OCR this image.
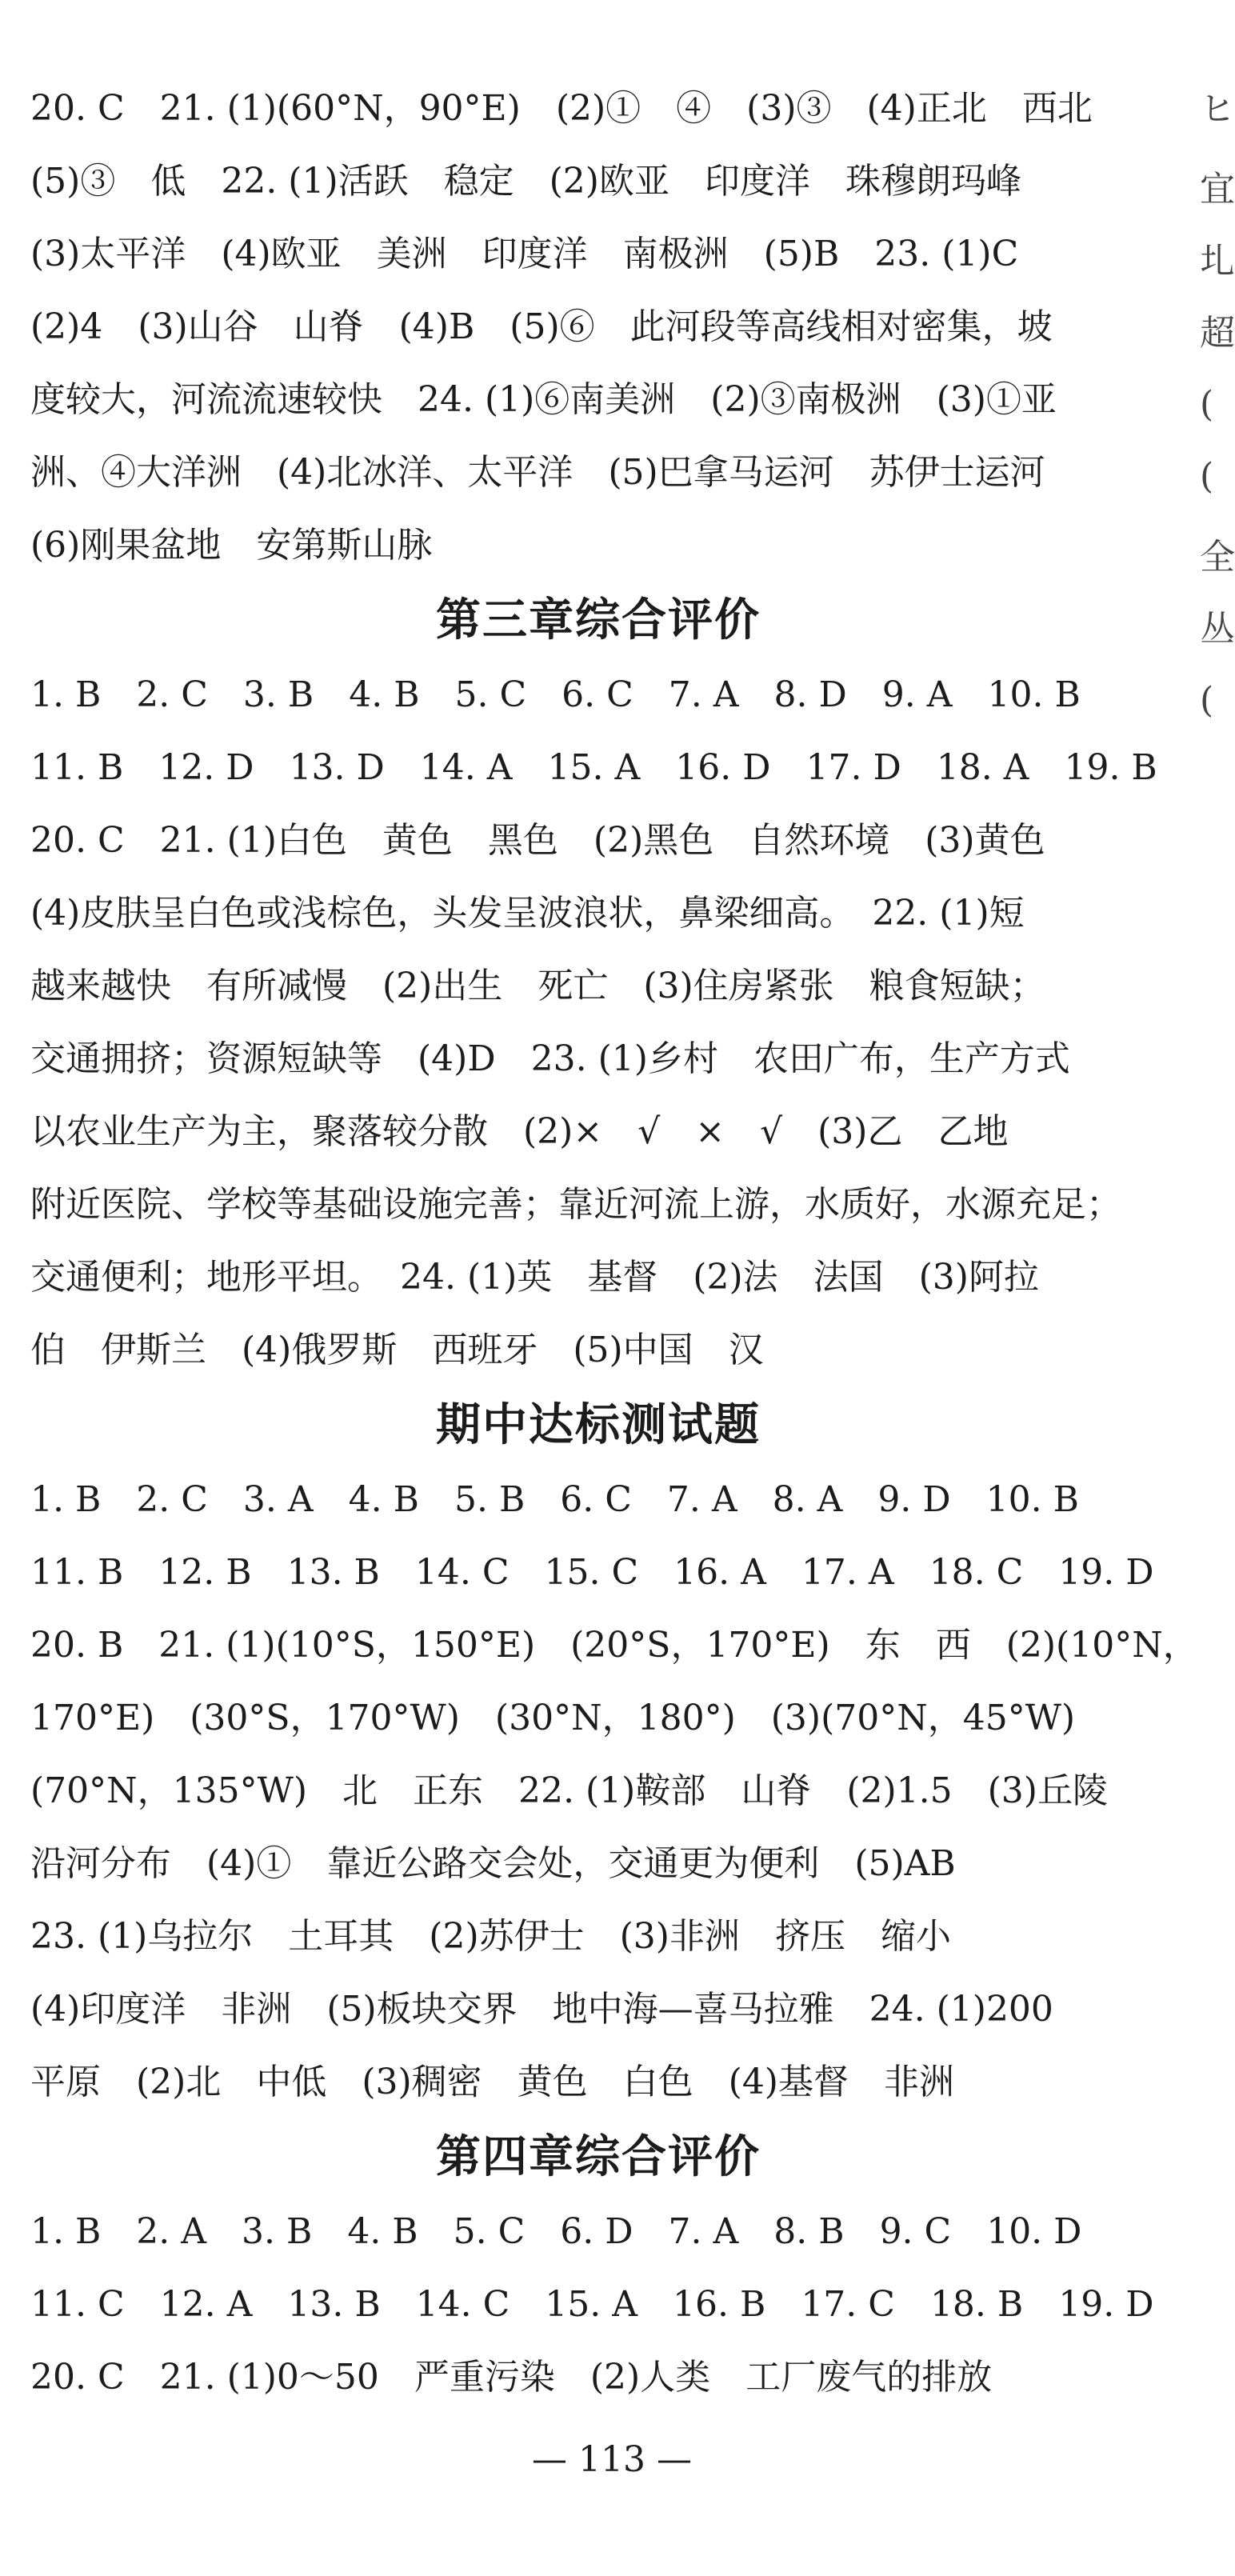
20. C　21. (1)(60°N，90°E)　(2)①　④　(3)③　(4)正北　西北
(5)③　低　22. (1)活跃　稳定　(2)欧亚　印度洋　珠穆朗玛峰
(3)太平洋　(4)欧亚　美洲　印度洋　南极洲　(5)B　23. (1)C
(2)4　(3)山谷　山脊　(4)B　(5)⑥　此河段等高线相对密集，坡
度较大，河流流速较快　24. (1)⑥南美洲　(2)③南极洲　(3)①亚
洲、④大洋洲　(4)北冰洋、太平洋　(5)巴拿马运河　苏伊士运河
(6)刚果盆地　安第斯山脉
第三章综合评价
1. B　2. C　3. B　4. B　5. C　6. C　7. A　8. D　9. A　10. B
11. B　12. D　13. D　14. A　15. A　16. D　17. D　18. A　19. B
20. C　21. (1)白色　黄色　黑色　(2)黑色　自然环境　(3)黄色
(4)皮肤呈白色或浅棕色，头发呈波浪状，鼻梁细高。　22. (1)短
越来越快　有所减慢　(2)出生　死亡　(3)住房紧张　粮食短缺；
交通拥挤；资源短缺等　(4)D　23. (1)乡村　农田广布，生产方式
以农业生产为主，聚落较分散　(2)×　√　×　√　(3)乙　乙地
附近医院、学校等基础设施完善；靠近河流上游，水质好，水源充足；
交通便利；地形平坦。　24. (1)英　基督　(2)法　法国　(3)阿拉
伯　伊斯兰　(4)俄罗斯　西班牙　(5)中国　汉
期中达标测试题
1. B　2. C　3. A　4. B　5. B　6. C　7. A　8. A　9. D　10. B
11. B　12. B　13. B　14. C　15. C　16. A　17. A　18. C　19. D
20. B　21. (1)(10°S，150°E)　(20°S，170°E)　东　西　(2)(10°N，
170°E)　(30°S，170°W)　(30°N，180°)　(3)(70°N，45°W)
(70°N，135°W)　北　正东　22. (1)鞍部　山脊　(2)1.5　(3)丘陵
沿河分布　(4)①　靠近公路交会处，交通更为便利　(5)AB
23. (1)乌拉尔　土耳其　(2)苏伊士　(3)非洲　挤压　缩小
(4)印度洋　非洲　(5)板块交界　地中海—喜马拉雅　24. (1)200
平原　(2)北　中低　(3)稠密　黄色　白色　(4)基督　非洲
第四章综合评价
1. B　2. A　3. B　4. B　5. C　6. D　7. A　8. B　9. C　10. D
11. C　12. A　13. B　14. C　15. A　16. B　17. C　18. B　19. D
20. C　21. (1)0～50　严重污染　(2)人类　工厂废气的排放
ヒ
宜
圠
超
(
(
全
丛
(
— 113 —
